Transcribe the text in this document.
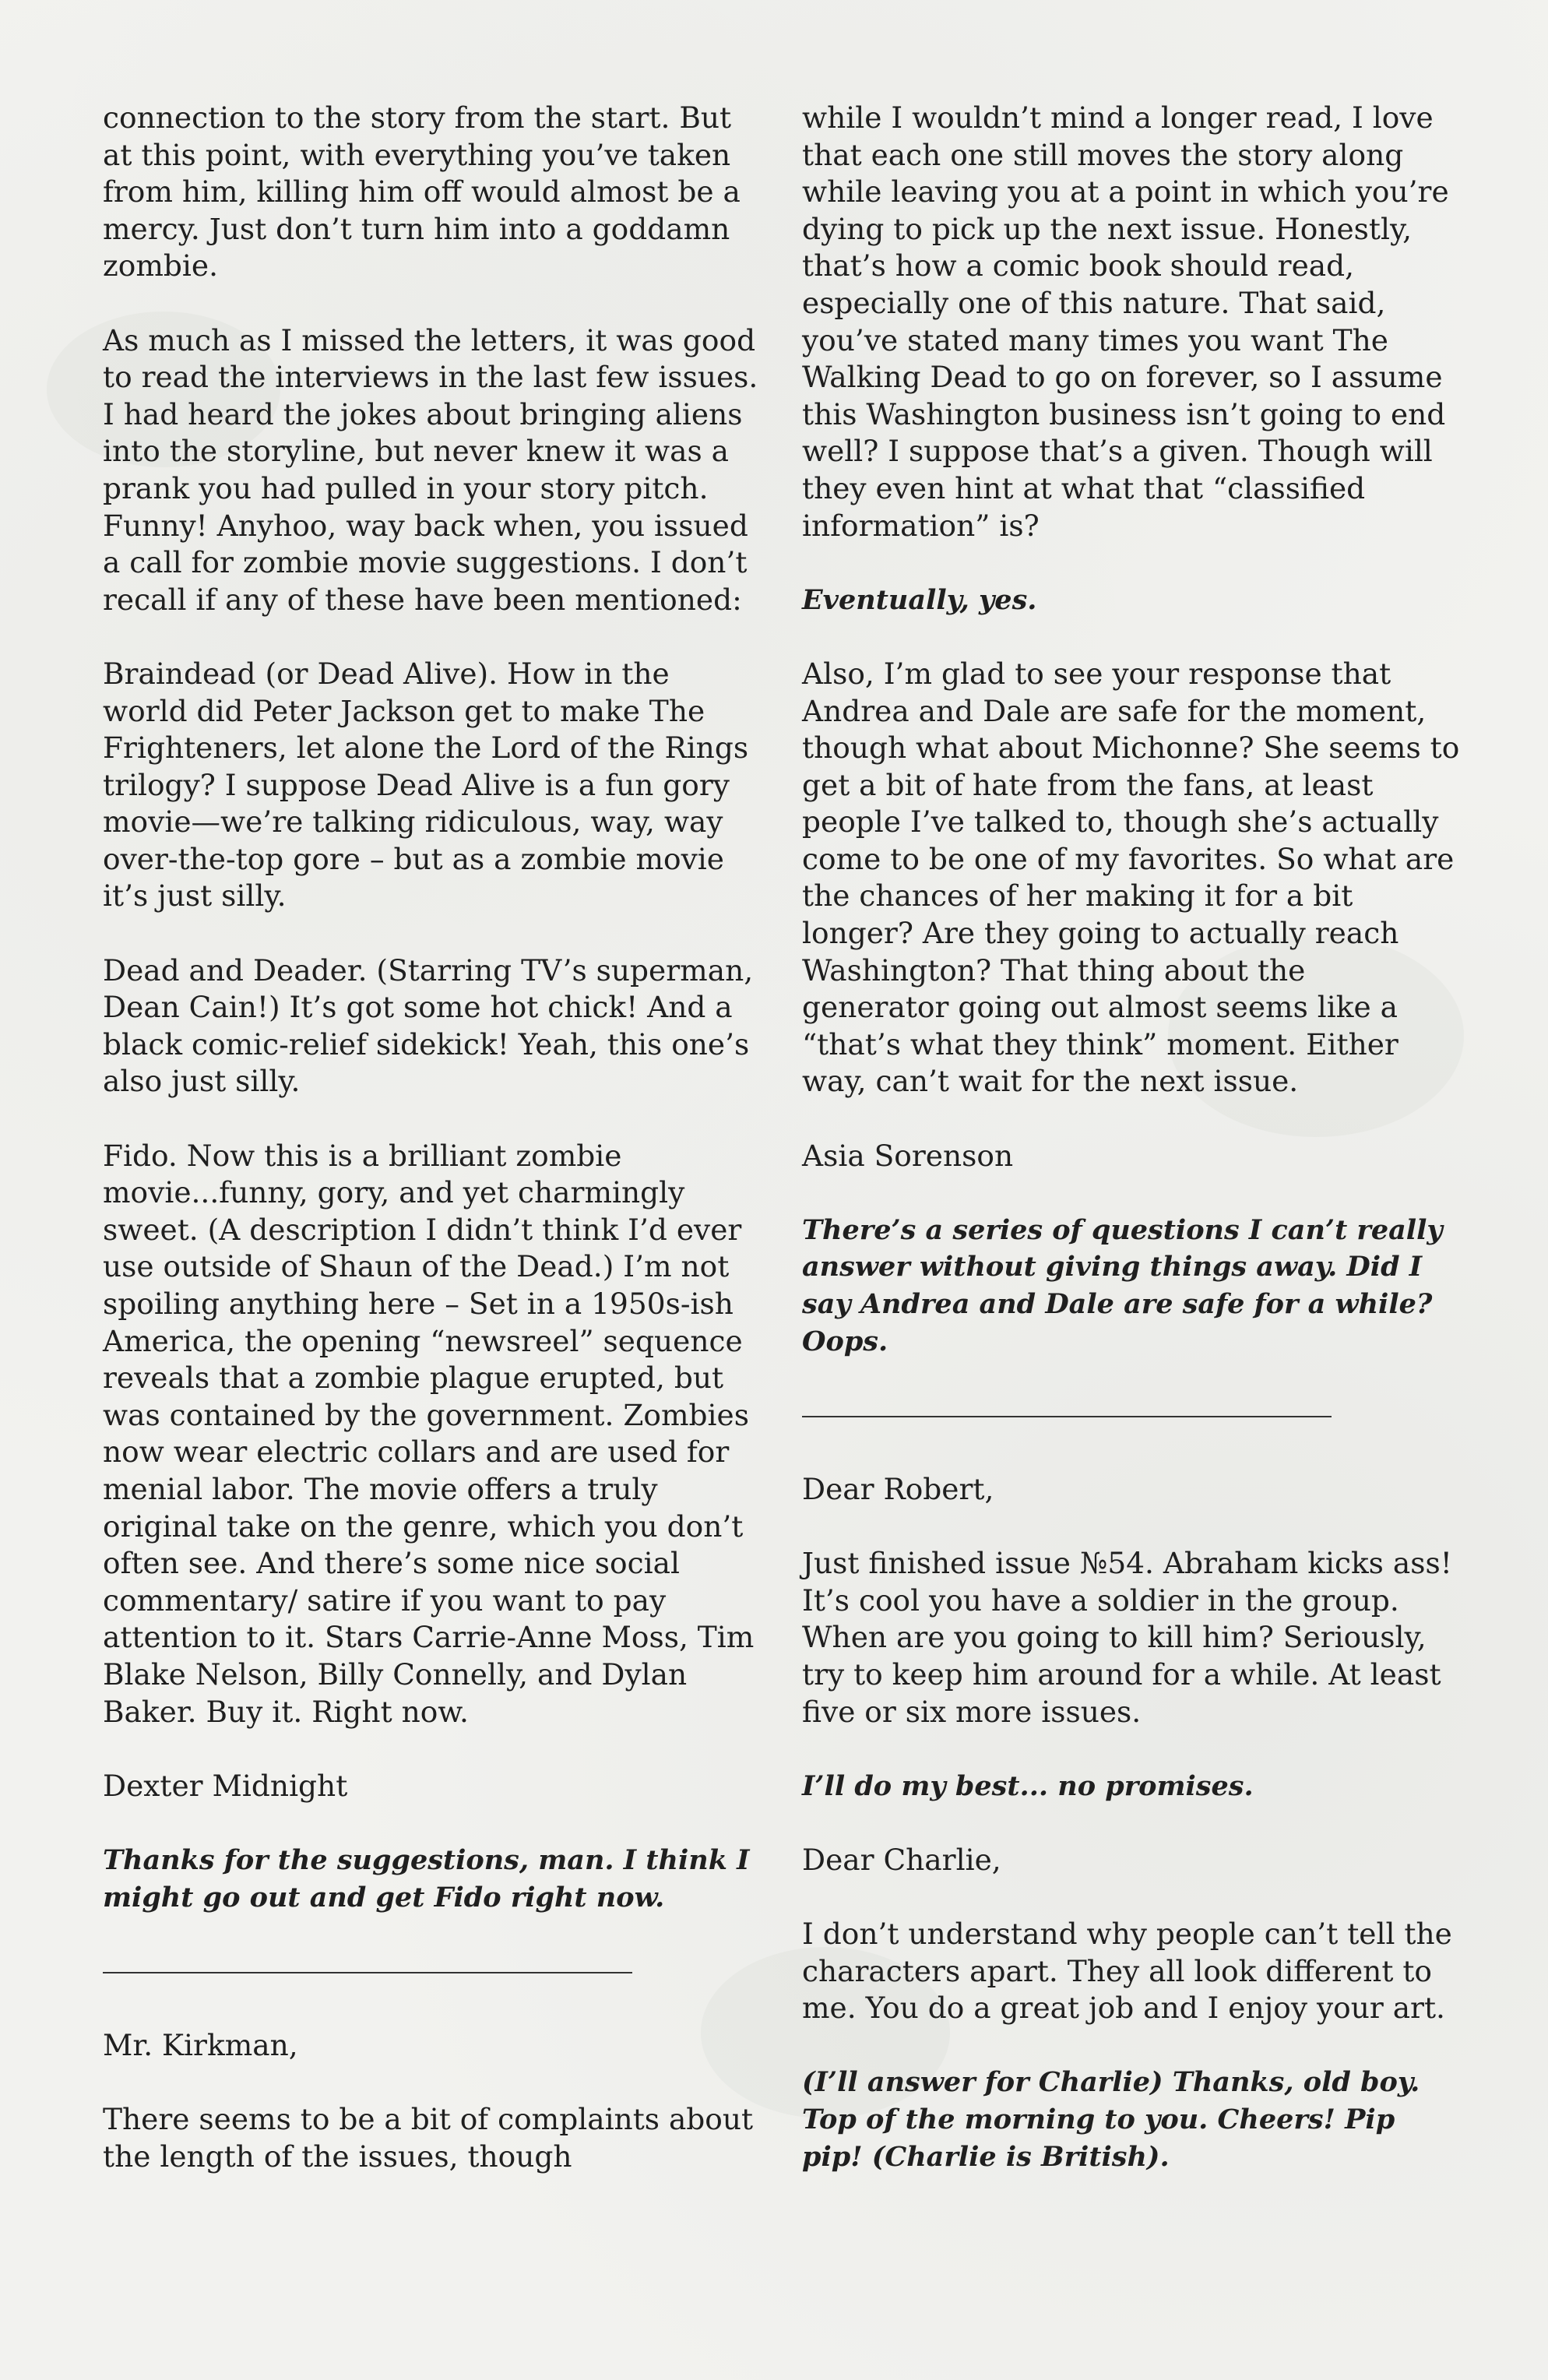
connection to the story from the start. But at this point, with everything you’ve taken from him, killing him off would almost be a mercy. Just don’t turn him into a goddamn zombie.

As much as I missed the letters, it was good to read the interviews in the last few issues. I had heard the jokes about bringing aliens into the storyline, but never knew it was a prank you had pulled in your story pitch. Funny! Anyhoo, way back when, you issued a call for zombie movie suggestions. I don’t recall if any of these have been mentioned:

Braindead (or Dead Alive). How in the world did Peter Jackson get to make The Frighteners, let alone the Lord of the Rings trilogy? I suppose Dead Alive is a fun gory movie—we’re talking ridiculous, way, way over-the-top gore – but as a zombie movie it’s just silly.

Dead and Deader. (Starring TV’s superman, Dean Cain!) It’s got some hot chick! And a black comic-relief sidekick! Yeah, this one’s also just silly.

Fido. Now this is a brilliant zombie movie...funny, gory, and yet charmingly sweet. (A description I didn’t think I’d ever use outside of Shaun of the Dead.) I’m not spoiling anything here – Set in a 1950s-ish America, the opening “newsreel” sequence reveals that a zombie plague erupted, but was contained by the government. Zombies now wear electric collars and are used for menial labor. The movie offers a truly original take on the genre, which you don’t often see. And there’s some nice social commentary/ satire if you want to pay attention to it. Stars Carrie-Anne Moss, Tim Blake Nelson, Billy Connelly, and Dylan Baker. Buy it. Right now.

Dexter Midnight

Thanks for the suggestions, man. I think I might go out and get Fido right now.

Mr. Kirkman,

There seems to be a bit of complaints about the length of the issues, though

while I wouldn’t mind a longer read, I love that each one still moves the story along while leaving you at a point in which you’re dying to pick up the next issue. Honestly, that’s how a comic book should read, especially one of this nature. That said, you’ve stated many times you want The Walking Dead to go on forever, so I assume this Washington business isn’t going to end well? I suppose that’s a given. Though will they even hint at what that “classified information” is?

Eventually, yes.

Also, I’m glad to see your response that Andrea and Dale are safe for the moment, though what about Michonne? She seems to get a bit of hate from the fans, at least people I’ve talked to, though she’s actually come to be one of my favorites. So what are the chances of her making it for a bit longer? Are they going to actually reach Washington? That thing about the generator going out almost seems like a “that’s what they think” moment. Either way, can’t wait for the next issue.

Asia Sorenson

There’s a series of questions I can’t really answer without giving things away. Did I say Andrea and Dale are safe for a while? Oops.

Dear Robert,

Just finished issue №54. Abraham kicks ass! It’s cool you have a soldier in the group. When are you going to kill him? Seriously, try to keep him around for a while. At least five or six more issues.

I’ll do my best... no promises.

Dear Charlie,

I don’t understand why people can’t tell the characters apart. They all look different to me. You do a great job and I enjoy your art.

(I’ll answer for Charlie) Thanks, old boy. Top of the morning to you. Cheers! Pip pip! (Charlie is British).
